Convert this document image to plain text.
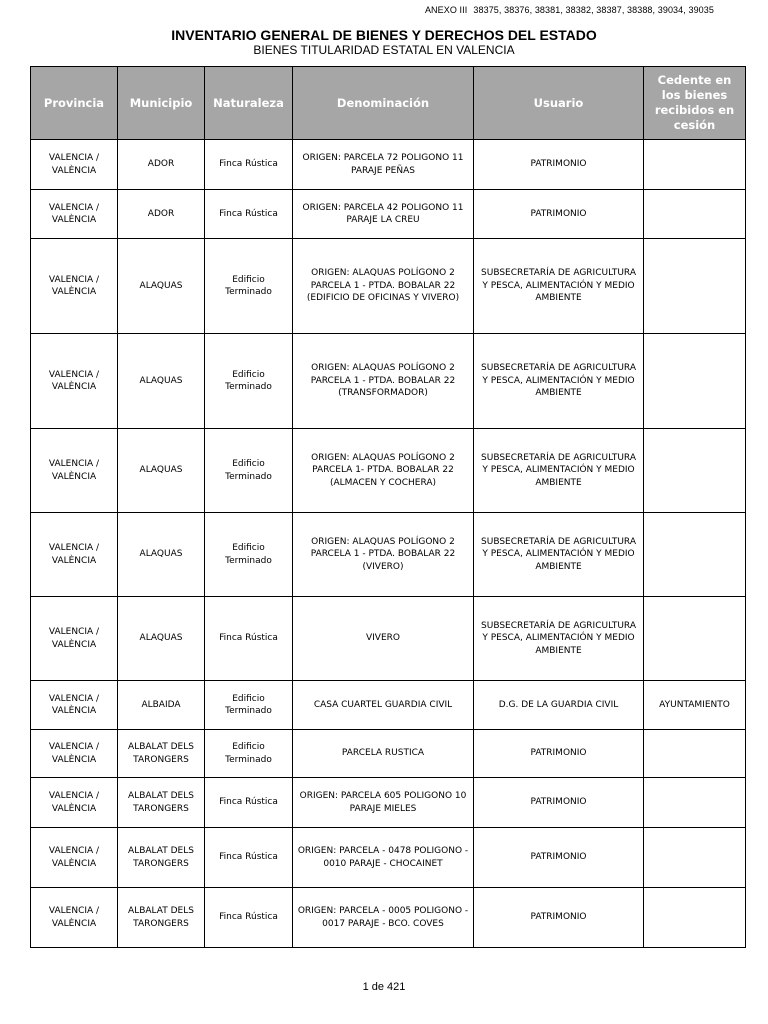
ANEXO III 38375, 38376, 38381, 38382, 38387, 38388, 39034, 39035
INVENTARIO GENERAL DE BIENES Y DERECHOS DEL ESTADO
BIENES TITULARIDAD ESTATAL EN VALENCIA
Provincia	Municipio	Naturaleza	Denominación	Usuario	Cedente en los bienes recibidos en cesión
VALENCIA / VALÈNCIA	ADOR	Finca Rústica	ORIGEN: PARCELA 72 POLIGONO 11 PARAJE PEÑAS	PATRIMONIO	
VALENCIA / VALÈNCIA	ADOR	Finca Rústica	ORIGEN: PARCELA 42 POLIGONO 11 PARAJE LA CREU	PATRIMONIO	
VALENCIA / VALÈNCIA	ALAQUAS	Edificio Terminado	ORIGEN: ALAQUAS POLÍGONO 2 PARCELA 1 - PTDA. BOBALAR 22 (EDIFICIO DE OFICINAS Y VIVERO)	SUBSECRETARÍA DE AGRICULTURA Y PESCA, ALIMENTACIÓN Y MEDIO AMBIENTE	
VALENCIA / VALÈNCIA	ALAQUAS	Edificio Terminado	ORIGEN: ALAQUAS POLÍGONO 2 PARCELA 1 - PTDA. BOBALAR 22 (TRANSFORMADOR)	SUBSECRETARÍA DE AGRICULTURA Y PESCA, ALIMENTACIÓN Y MEDIO AMBIENTE	
VALENCIA / VALÈNCIA	ALAQUAS	Edificio Terminado	ORIGEN: ALAQUAS POLÍGONO 2 PARCELA 1- PTDA. BOBALAR 22 (ALMACEN Y COCHERA)	SUBSECRETARÍA DE AGRICULTURA Y PESCA, ALIMENTACIÓN Y MEDIO AMBIENTE	
VALENCIA / VALÈNCIA	ALAQUAS	Edificio Terminado	ORIGEN: ALAQUAS POLÍGONO 2 PARCELA 1 - PTDA. BOBALAR 22 (VIVERO)	SUBSECRETARÍA DE AGRICULTURA Y PESCA, ALIMENTACIÓN Y MEDIO AMBIENTE	
VALENCIA / VALÈNCIA	ALAQUAS	Finca Rústica	VIVERO	SUBSECRETARÍA DE AGRICULTURA Y PESCA, ALIMENTACIÓN Y MEDIO AMBIENTE	
VALENCIA / VALÈNCIA	ALBAIDA	Edificio Terminado	CASA CUARTEL GUARDIA CIVIL	D.G. DE LA GUARDIA CIVIL	AYUNTAMIENTO
VALENCIA / VALÈNCIA	ALBALAT DELS TARONGERS	Edificio Terminado	PARCELA RUSTICA	PATRIMONIO	
VALENCIA / VALÈNCIA	ALBALAT DELS TARONGERS	Finca Rústica	ORIGEN: PARCELA 605 POLIGONO 10 PARAJE MIELES	PATRIMONIO	
VALENCIA / VALÈNCIA	ALBALAT DELS TARONGERS	Finca Rústica	ORIGEN: PARCELA - 0478 POLIGONO - 0010 PARAJE - CHOCAINET	PATRIMONIO	
VALENCIA / VALÈNCIA	ALBALAT DELS TARONGERS	Finca Rústica	ORIGEN: PARCELA - 0005 POLIGONO - 0017 PARAJE - BCO. COVES	PATRIMONIO	
1 de 421
